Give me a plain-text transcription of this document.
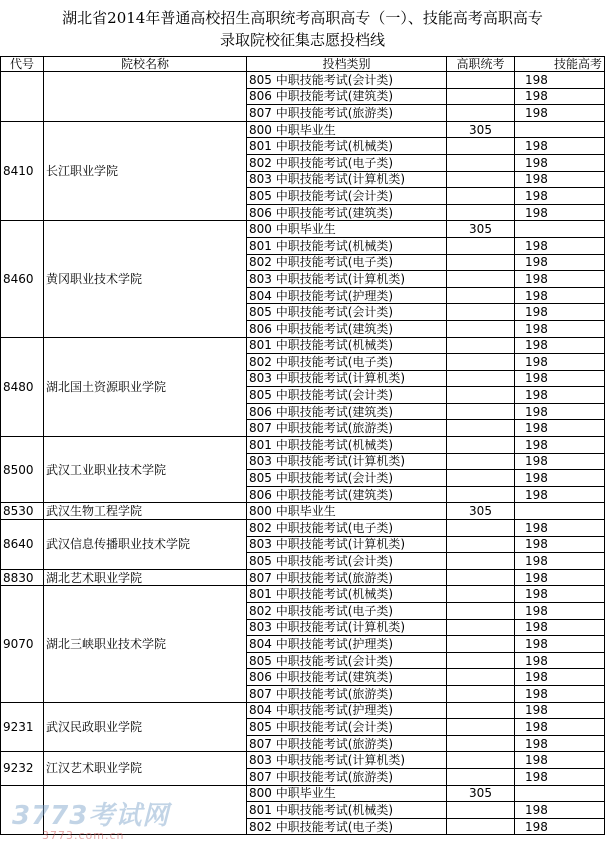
湖北省2014年普通高校招生高职统考高职高专（一）、技能高考高职高专
录取院校征集志愿投档线
代号	院校名称	投档类别	高职统考	技能高考
		805 中职技能考试(会计类)		198
		806 中职技能考试(建筑类)		198
		807 中职技能考试(旅游类)		198
8410	长江职业学院	800 中职毕业生	305	
		801 中职技能考试(机械类)		198
		802 中职技能考试(电子类)		198
		803 中职技能考试(计算机类)		198
		805 中职技能考试(会计类)		198
		806 中职技能考试(建筑类)		198
8460	黄冈职业技术学院	800 中职毕业生	305	
		801 中职技能考试(机械类)		198
		802 中职技能考试(电子类)		198
		803 中职技能考试(计算机类)		198
		804 中职技能考试(护理类)		198
		805 中职技能考试(会计类)		198
		806 中职技能考试(建筑类)		198
8480	湖北国土资源职业学院	801 中职技能考试(机械类)		198
		802 中职技能考试(电子类)		198
		803 中职技能考试(计算机类)		198
		805 中职技能考试(会计类)		198
		806 中职技能考试(建筑类)		198
		807 中职技能考试(旅游类)		198
8500	武汉工业职业技术学院	801 中职技能考试(机械类)		198
		803 中职技能考试(计算机类)		198
		805 中职技能考试(会计类)		198
		806 中职技能考试(建筑类)		198
8530	武汉生物工程学院	800 中职毕业生	305	
8640	武汉信息传播职业技术学院	802 中职技能考试(电子类)		198
		803 中职技能考试(计算机类)		198
		805 中职技能考试(会计类)		198
8830	湖北艺术职业学院	807 中职技能考试(旅游类)		198
9070	湖北三峡职业技术学院	801 中职技能考试(机械类)		198
		802 中职技能考试(电子类)		198
		803 中职技能考试(计算机类)		198
		804 中职技能考试(护理类)		198
		805 中职技能考试(会计类)		198
		806 中职技能考试(建筑类)		198
		807 中职技能考试(旅游类)		198
9231	武汉民政职业学院	804 中职技能考试(护理类)		198
		805 中职技能考试(会计类)		198
		807 中职技能考试(旅游类)		198
9232	江汉艺术职业学院	803 中职技能考试(计算机类)		198
		807 中职技能考试(旅游类)		198
		800 中职毕业生	305	
		801 中职技能考试(机械类)		198
		802 中职技能考试(电子类)		198
3773考试网
3773.com.cn
